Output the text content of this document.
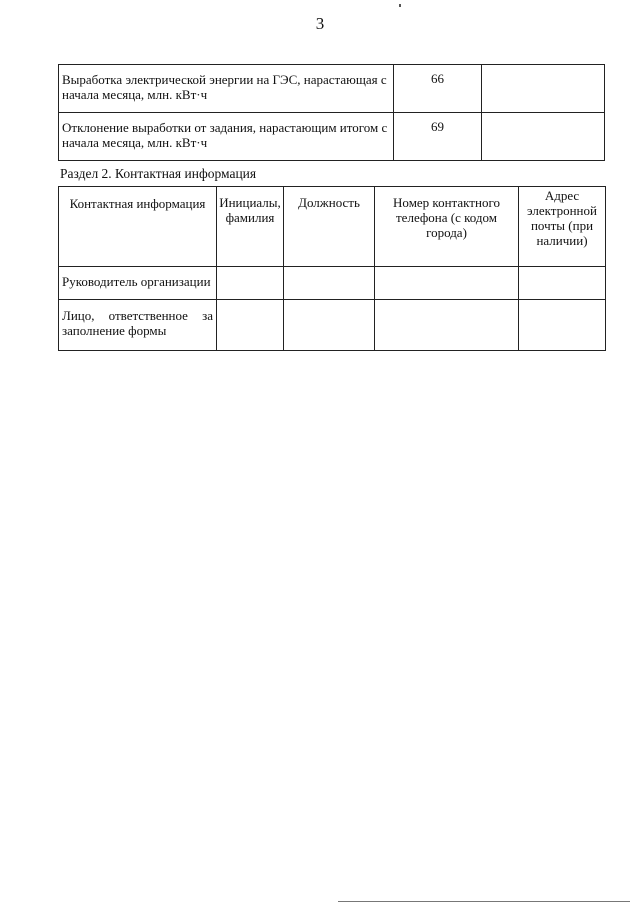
3
Выработка электрической энергии на ГЭС, нарастающая с
начала месяца, млн. кВт·ч	66	

Отклонение выработки от задания, нарастающим итогом с
начала месяца, млн. кВт·ч	69	
Раздел 2. Контактная информация
Контактная информация	Инициалы, фамилия	Должность	Номер контактного телефона (с кодом города)	Адрес электронной почты (при наличии)
Руководитель организации				

Лицо, ответственное за
заполнение формы				
